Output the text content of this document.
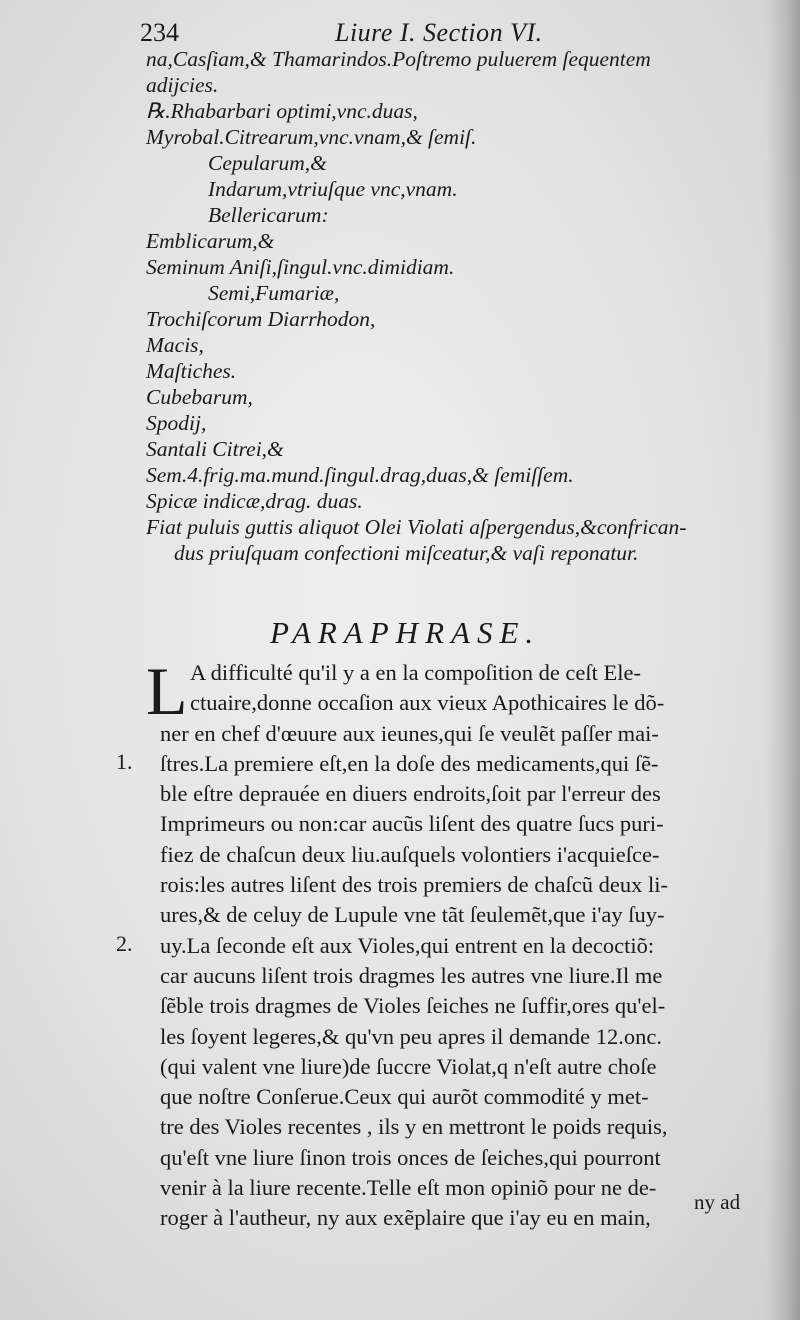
234	Liure I. Section VI.
na,Casſiam,& Thamarindos.Poſtremo puluerem ſequentem
adijcies.
℞.Rhabarbari optimi,vnc.duas,
Myrobal.Citrearum,vnc.vnam,& ſemiſ.
Cepularum,&
Indarum,vtriuſque vnc,vnam.
Bellericarum:
Emblicarum,&
Seminum Aniſi,ſingul.vnc.dimidiam.
Semi,Fumariæ,
Trochiſcorum Diarrhodon,
Macis,
Maſtiches.
Cubebarum,
Spodij,
Santali Citrei,&
Sem.4.frig.ma.mund.ſingul.drag,duas,& ſemiſſem.
Spicæ indicæ,drag. duas.
Fiat puluis guttis aliquot Olei Violati aſpergendus,&confrican-
dus priuſquam confectioni miſceatur,& vaſi reponatur.
PARAPHRASE.
L A difficulté qu'il y a en la compoſition de ceſt Ele-
ctuaire,donne occaſion aux vieux Apothicaires le dõ-
ner en chef d'œuure aux ieunes,qui ſe veulẽt paſſer mai-
ſtres.La premiere eſt,en la doſe des medicaments,qui ſẽ-
ble eſtre deprauée en diuers endroits,ſoit par l'erreur des
Imprimeurs ou non:car aucũs liſent des quatre ſucs puri-
fiez de chaſcun deux liu.auſquels volontiers i'acquieſce-
rois:les autres liſent des trois premiers de chaſcũ deux li-
ures,& de celuy de Lupule vne tãt ſeulemẽt,que i'ay ſuy-
uy.La ſeconde eſt aux Violes,qui entrent en la decoctiõ:
car aucuns liſent trois dragmes les autres vne liure.Il me
ſẽble trois dragmes de Violes ſeiches ne ſuffir,ores qu'el-
les ſoyent legeres,& qu'vn peu apres il demande 12.onc.
(qui valent vne liure)de ſuccre Violat,q n'eſt autre choſe
que noſtre Conſerue.Ceux qui aurõt commodité y met-
tre des Violes recentes , ils y en mettront le poids requis,
qu'eſt vne liure ſinon trois onces de ſeiches,qui pourront
venir à la liure recente.Telle eſt mon opiniõ pour ne de-
roger à l'autheur, ny aux exẽplaire que i'ay eu en main,
1.
2.
ny ad
